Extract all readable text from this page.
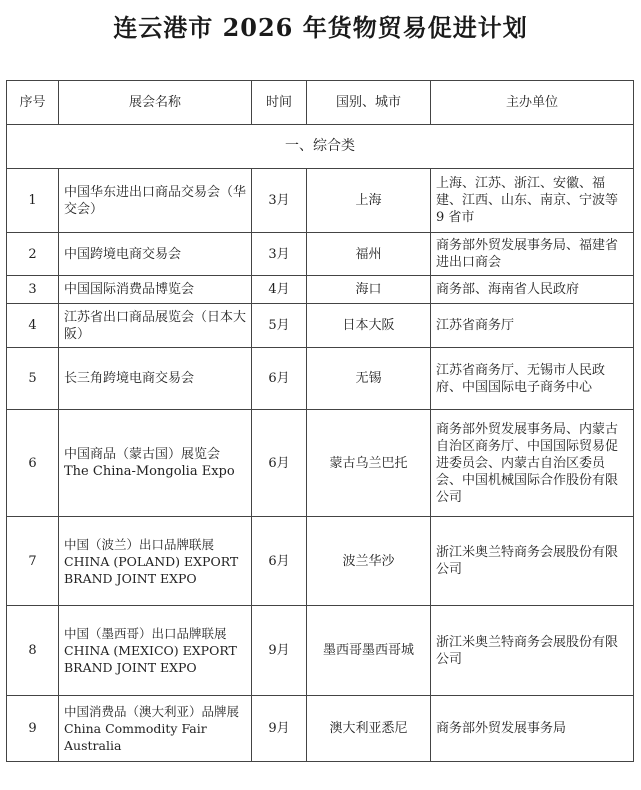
连云港市 2026 年货物贸易促进计划
序号	展会名称	时间	国别、城市	主办单位
一、综合类				
1	中国华东进出口商品交易会（华交会）	3月	上海	上海、江苏、浙江、安徽、福建、江西、山东、南京、宁波等 9 省市
2	中国跨境电商交易会	3月	福州	商务部外贸发展事务局、福建省进出口商会
3	中国国际消费品博览会	4月	海口	商务部、海南省人民政府
4	江苏省出口商品展览会（日本大阪）	5月	日本大阪	江苏省商务厅
5	长三角跨境电商交易会	6月	无锡	江苏省商务厅、无锡市人民政府、中国国际电子商务中心
6	中国商品（蒙古国）展览会 The China-Mongolia Expo	6月	蒙古乌兰巴托	商务部外贸发展事务局、内蒙古自治区商务厅、中国国际贸易促进委员会、内蒙古自治区委员会、中国机械国际合作股份有限公司
7	中国（波兰）出口品牌联展 CHINA (POLAND) EXPORT BRAND JOINT EXPO	6月	波兰华沙	浙江米奥兰特商务会展股份有限公司
8	中国（墨西哥）出口品牌联展 CHINA (MEXICO) EXPORT BRAND JOINT EXPO	9月	墨西哥墨西哥城	浙江米奥兰特商务会展股份有限公司
9	中国消费品（澳大利亚）品牌展 China Commodity Fair Australia	9月	澳大利亚悉尼	商务部外贸发展事务局
